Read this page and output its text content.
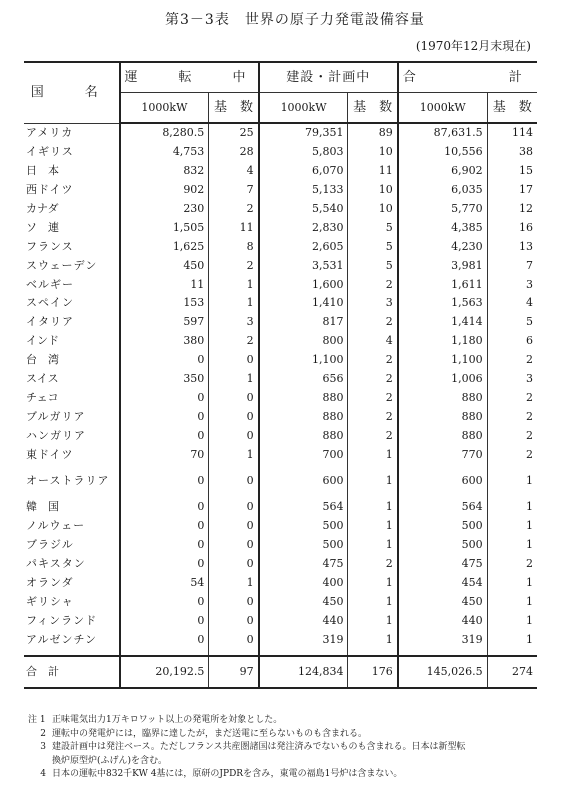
第3－3表　世界の原子力発電設備容量
(1970年12月末現在)
国　名	運　転　中		建設・計画中		合　計	
	1000kW	基　数	1000kW	基　数	1000kW	基　数
アメリカ	8,280.5	25	79,351	89	87,631.5	114
イギリス	4,753	28	5,803	10	10,556	38
日　本	832	4	6,070	11	6,902	15
西ドイツ	902	7	5,133	10	6,035	17
カナダ	230	2	5,540	10	5,770	12
ソ　連	1,505	11	2,830	5	4,385	16
フランス	1,625	8	2,605	5	4,230	13
スウェーデン	450	2	3,531	5	3,981	7
ベルギー	11	1	1,600	2	1,611	3
スペイン	153	1	1,410	3	1,563	4
イタリア	597	3	817	2	1,414	5
インド	380	2	800	4	1,180	6
台　湾	0	0	1,100	2	1,100	2
スイス	350	1	656	2	1,006	3
チェコ	0	0	880	2	880	2
ブルガリア	0	0	880	2	880	2
ハンガリア	0	0	880	2	880	2
東ドイツ	70	1	700	1	770	2
オーストラリア	0	0	600	1	600	1
韓　国	0	0	564	1	564	1
ノルウェー	0	0	500	1	500	1
ブラジル	0	0	500	1	500	1
パキスタン	0	0	475	2	475	2
オランダ	54	1	400	1	454	1
ギリシャ	0	0	450	1	450	1
フィンランド	0	0	440	1	440	1
アルゼンチン	0	0	319	1	319	1
合　計	20,192.5	97	124,834	176	145,026.5	274
注 1 正味電気出力1万キロワット以上の発電所を対象とした。
2 運転中の発電炉には，臨界に達したが，まだ送電に至らないものも含まれる。
3 建設計画中は発注ベース。ただしフランス共産圏諸国は発注済みでないものも含まれる。日本は新型転
換炉原型炉(ふげん)を含む。
4 日本の運転中832千KW 4基には，原研のJPDRを含み，東電の福島1号炉は含まない。
